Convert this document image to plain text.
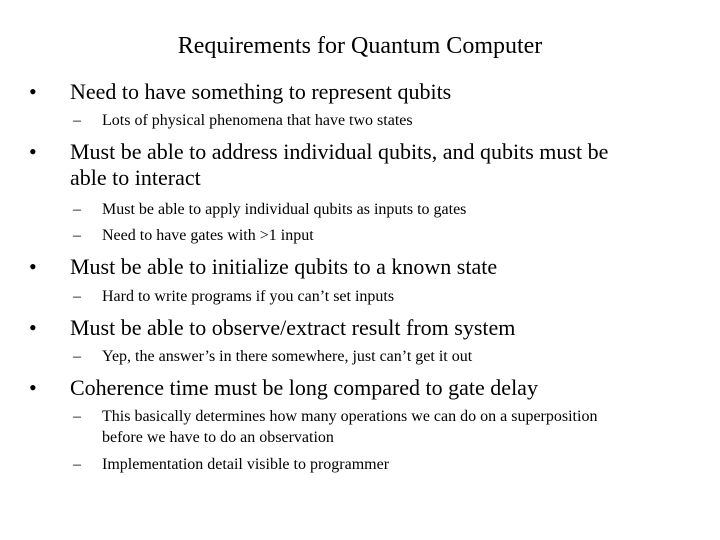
Requirements for Quantum Computer
• Need to have something to represent qubits
– Lots of physical phenomena that have two states
• Must be able to address individual qubits, and qubits must be
able to interact
– Must be able to apply individual qubits as inputs to gates
– Need to have gates with >1 input
• Must be able to initialize qubits to a known state
– Hard to write programs if you can’t set inputs
• Must be able to observe/extract result from system
– Yep, the answer’s in there somewhere, just can’t get it out
• Coherence time must be long compared to gate delay
– This basically determines how many operations we can do on a superposition
before we have to do an observation
– Implementation detail visible to programmer
